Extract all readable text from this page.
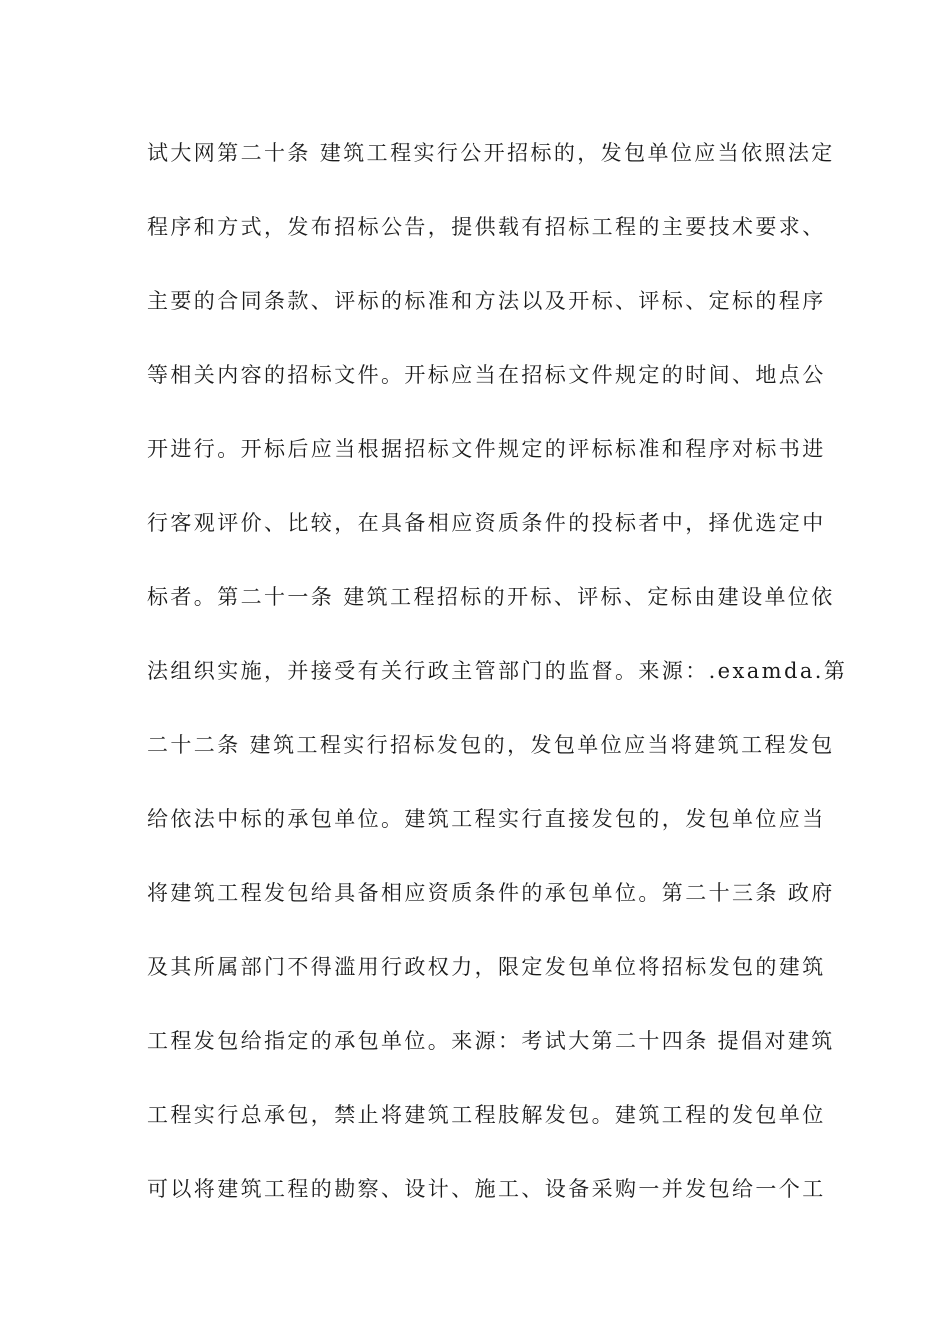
试大网第二十条 建筑工程实行公开招标的，发包单位应当依照法定
程序和方式，发布招标公告，提供载有招标工程的主要技术要求、
主要的合同条款、评标的标准和方法以及开标、评标、定标的程序
等相关内容的招标文件。开标应当在招标文件规定的时间、地点公
开进行。开标后应当根据招标文件规定的评标标准和程序对标书进
行客观评价、比较，在具备相应资质条件的投标者中，择优选定中
标者。第二十一条 建筑工程招标的开标、评标、定标由建设单位依
法组织实施，并接受有关行政主管部门的监督。来源：.examda.第
二十二条 建筑工程实行招标发包的，发包单位应当将建筑工程发包
给依法中标的承包单位。建筑工程实行直接发包的，发包单位应当
将建筑工程发包给具备相应资质条件的承包单位。第二十三条 政府
及其所属部门不得滥用行政权力，限定发包单位将招标发包的建筑
工程发包给指定的承包单位。来源：考试大第二十四条 提倡对建筑
工程实行总承包，禁止将建筑工程肢解发包。建筑工程的发包单位
可以将建筑工程的勘察、设计、施工、设备采购一并发包给一个工
